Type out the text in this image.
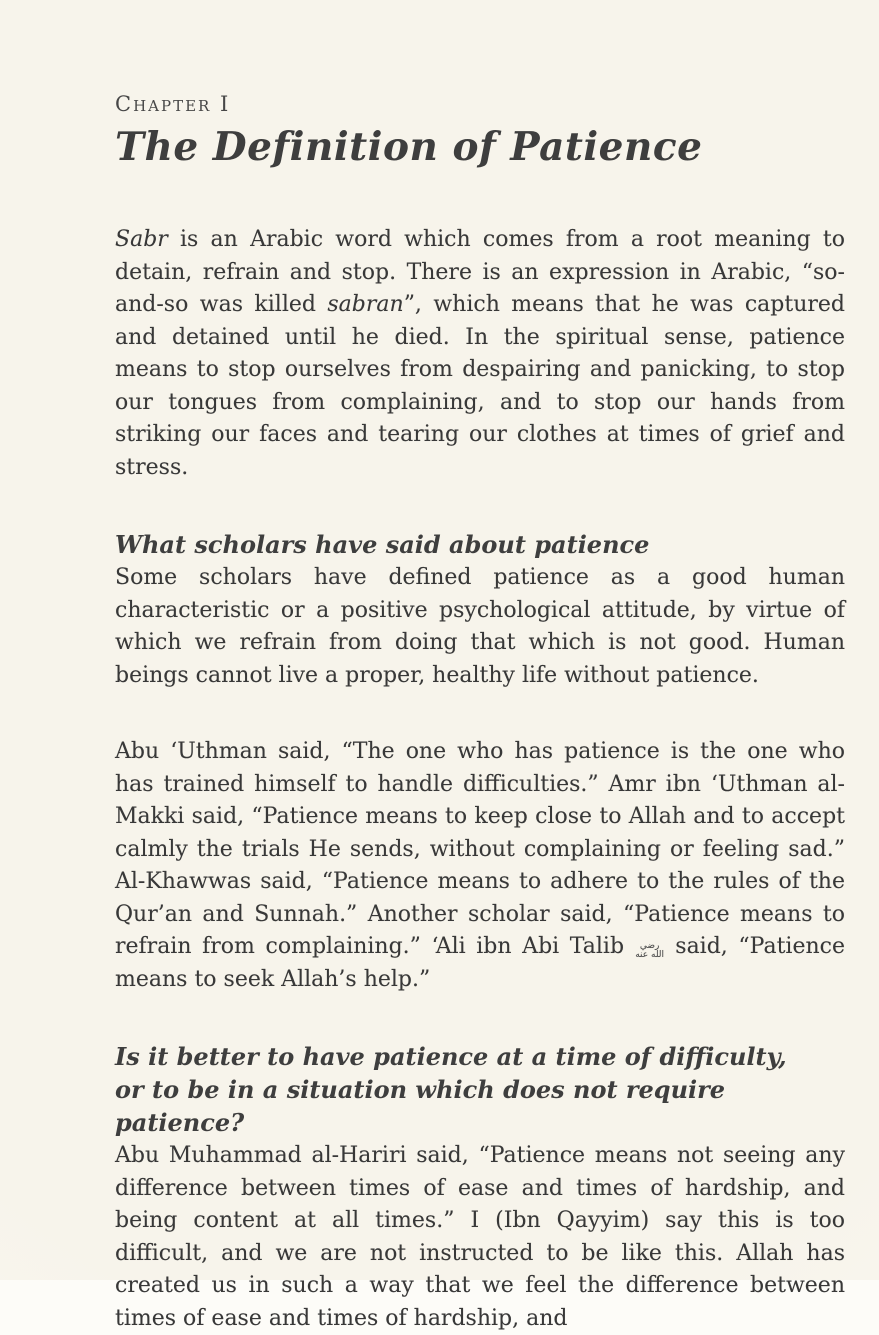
Chapter I
The Definition of Patience

Sabr is an Arabic word which comes from a root meaning to detain, refrain and stop. There is an expression in Arabic, “so-and-so was killed sabran”, which means that he was captured and detained until he died. In the spiritual sense, patience means to stop ourselves from despairing and panicking, to stop our tongues from complaining, and to stop our hands from striking our faces and tearing our clothes at times of grief and stress.

What scholars have said about patience

Some scholars have defined patience as a good human characteristic or a positive psychological attitude, by virtue of which we refrain from doing that which is not good. Human beings cannot live a proper, healthy life without patience.

Abu ‘Uthman said, “The one who has patience is the one who has trained himself to handle difficulties.” Amr ibn ‘Uthman al-Makki said, “Patience means to keep close to Allah and to accept calmly the trials He sends, without complaining or feeling sad.” Al-Khawwas said, “Patience means to adhere to the rules of the Qur’an and Sunnah.” Another scholar said, “Patience means to refrain from complaining.” ‘Ali ibn Abi Talib رضي الله عنه said, “Patience means to seek Allah’s help.”

Is it better to have patience at a time of difficulty,
or to be in a situation which does not require patience?

Abu Muhammad al-Hariri said, “Patience means not seeing any difference between times of ease and times of hardship, and being content at all times.” I (Ibn Qayyim) say this is too difficult, and we are not instructed to be like this. Allah has created us in such a way that we feel the difference between times of ease and times of hardship, and
